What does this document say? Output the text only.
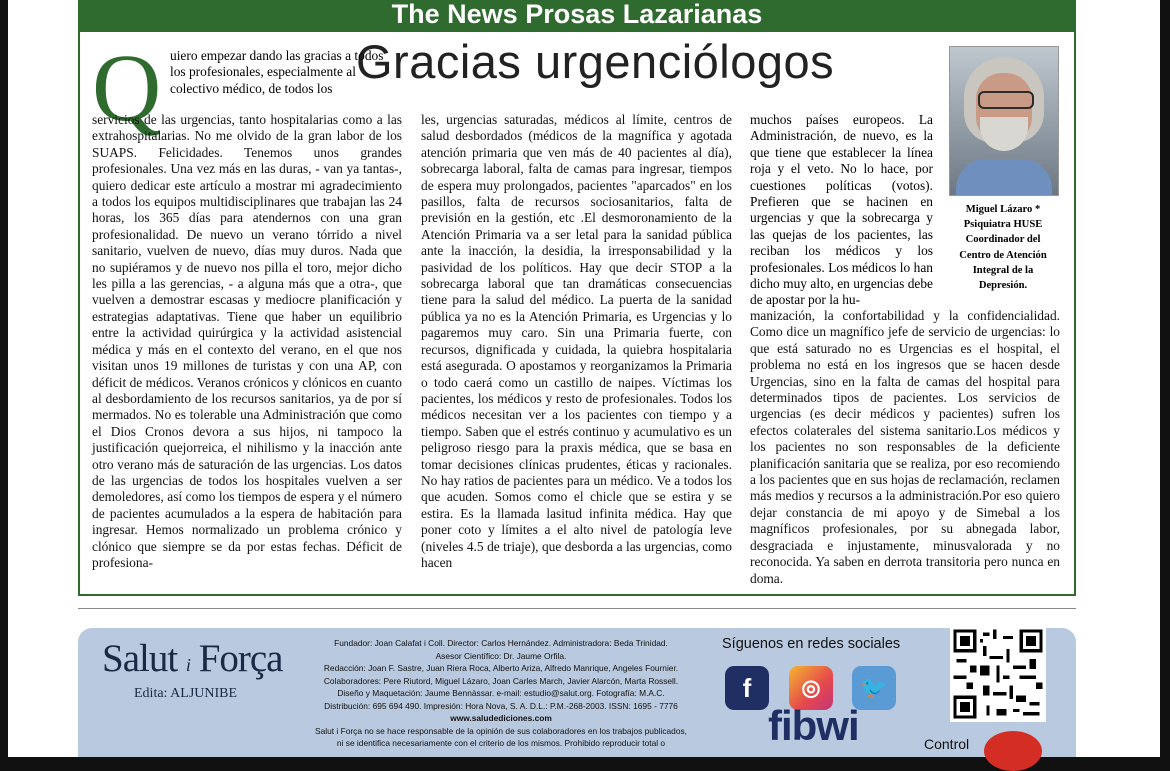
The News Prosas Lazarianas
Q	Gracias urgenciólogos
uiero empezar dando las gracias a todos los profesionales, especialmente al colectivo médico, de todos los
servicios de las urgencias, tanto hospitalarias como a las extrahospitalarias. No me olvido de la gran labor de los SUAPS. Felicidades. Tenemos unos grandes profesionales. Una vez más en las duras, - van ya tantas-, quiero dedicar este artículo a mostrar mi agradecimiento a todos los equipos multidisciplinares que trabajan las 24 horas, los 365 días para atendernos con una gran profesionalidad. De nuevo un verano tórrido a nivel sanitario, vuelven de nuevo, días muy duros. Nada que no supiéramos y de nuevo nos pilla el toro, mejor dicho les pilla a las gerencias, - a alguna más que a otra-, que vuelven a demostrar escasas y mediocre planificación y estrategias adaptativas. Tiene que haber un equilibrio entre la actividad quirúrgica y la actividad asistencial médica y más en el contexto del verano, en el que nos visitan unos 19 millones de turistas y con una AP, con déficit de médicos. Veranos crónicos y clónicos en cuanto al desbordamiento de los recursos sanitarios, ya de por sí mermados. No es tolerable una Administración que como el Dios Cronos devora a sus hijos, ni tampoco la justificación quejorreica, el nihilismo y la inacción ante otro verano más de saturación de las urgencias. Los datos de las urgencias de todos los hospitales vuelven a ser demoledores, así como los tiempos de espera y el número de pacientes acumulados a la espera de habitación para ingresar. Hemos normalizado un problema crónico y clónico que siempre se da por estas fechas. Déficit de profesiona-
les, urgencias saturadas, médicos al límite, centros de salud desbordados (médicos de la magnífica y agotada atención primaria que ven más de 40 pacientes al día), sobrecarga laboral, falta de camas para ingresar, tiempos de espera muy prolongados, pacientes "aparcados" en los pasillos, falta de recursos sociosanitarios, falta de previsión en la gestión, etc .El desmoronamiento de la Atención Primaria va a ser letal para la sanidad pública ante la inacción, la desidia, la irresponsabilidad y la pasividad de los políticos. Hay que decir STOP a la sobrecarga laboral que tan dramáticas consecuencias tiene para la salud del médico. La puerta de la sanidad pública ya no es la Atención Primaria, es Urgencias y lo pagaremos muy caro. Sin una Primaria fuerte, con recursos, dignificada y cuidada, la quiebra hospitalaria está asegurada. O apostamos y reorganizamos la Primaria o todo caerá como un castillo de naipes. Víctimas los pacientes, los médicos y resto de profesionales. Todos los médicos necesitan ver a los pacientes con tiempo y a tiempo. Saben que el estrés continuo y acumulativo es un peligroso riesgo para la praxis médica, que se basa en tomar decisiones clínicas prudentes, éticas y racionales. No hay ratios de pacientes para un médico. Ve a todos los que acuden. Somos como el chicle que se estira y se estira. Es la llamada lasitud infinita médica. Hay que poner coto y límites a el alto nivel de patología leve (niveles 4.5 de triaje), que desborda a las urgencias, como hacen
muchos países europeos. La Administración, de nuevo, es la que tiene que establecer la línea roja y el veto. No lo hace, por cuestiones políticas (votos). Prefieren que se hacinen en urgencias y que la sobrecarga y las quejas de los pacientes, las reciban los médicos y los profesionales. Los médicos lo han dicho muy alto, en urgencias debe de apostar por la hu-
manización, la confortabilidad y la confidencialidad. Como dice un magnífico jefe de servicio de urgencias: lo que está saturado no es Urgencias es el hospital, el problema no está en los ingresos que se hacen desde Urgencias, sino en la falta de camas del hospital para determinados tipos de pacientes. Los servicios de urgencias (es decir médicos y pacientes) sufren los efectos colaterales del sistema sanitario.Los médicos y los pacientes no son responsables de la deficiente planificación sanitaria que se realiza, por eso recomiendo a los pacientes que en sus hojas de reclamación, reclamen más medios y recursos a la administración.Por eso quiero dejar constancia de mi apoyo y de Simebal a los magníficos profesionales, por su abnegada labor, desgraciada e injustamente, minusvalorada y no reconocida. Ya saben en derrota transitoria pero nunca en doma.
Miguel Lázaro *
Psiquiatra HUSE
Coordinador del
Centro de Atención
Integral de la
Depresión.
Salut i Força
Edita: ALJUNIBE
Fundador: Joan Calafat i Coll. Director: Carlos Hernández. Administradora: Beda Trinidad.
Asesor Científico: Dr. Jaume Orfila.
Redacción: Joan F. Sastre, Juan Riera Roca, Alberto Ariza, Alfredo Manrique, Angeles Fournier.
Colaboradores: Pere Riutord, Miguel Lázaro, Joan Carles March, Javier Alarcón, Marta Rossell.
Diseño y Maquetación: Jaume Bennàssar. e-mail: estudio@salut.org. Fotografía: M.A.C.
Distribución: 695 694 490. Impresión: Hora Nova, S. A. D.L.: P.M.-268-2003. ISSN: 1695 - 7776
www.saludediciones.com
Salut i Força no se hace responsable de la opinión de sus colaboradores en los trabajos publicados,
ni se identifica necesariamente con el criterio de los mismos. Prohibido reproducir total o
Síguenos en redes sociales
f	◎	🐦
fibwi	Control
